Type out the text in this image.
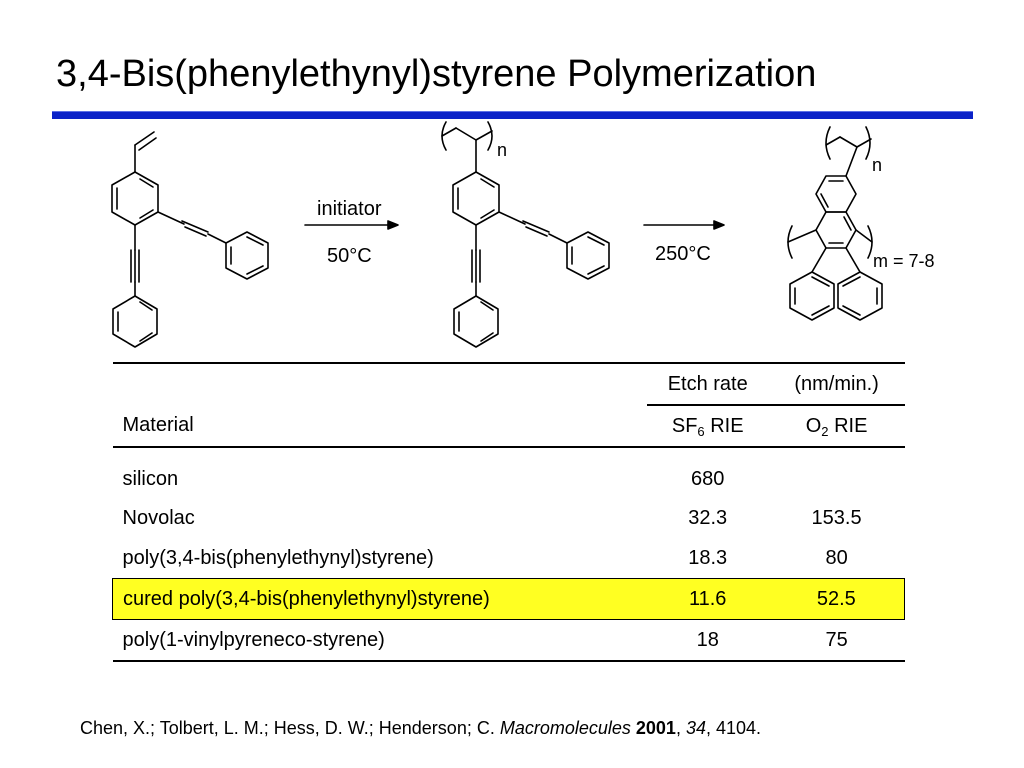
3,4-Bis(phenylethynyl)styrene Polymerization
initiator
50°C	250°C
n
n
m = 7-8
	Etch rate	(nm/min.)
Material	$SF_6$ RIE	$O_2$ RIE

silicon	680	
Novolac	32.3	153.5
poly(3,4-bis(phenylethynyl)styrene)	18.3	80
cured poly(3,4-bis(phenylethynyl)styrene)	11.6	52.5
poly(1-vinylpyreneco-styrene)	18	75
Chen, X.; Tolbert, L. M.; Hess, D. W.; Henderson; C. Macromolecules 2001, 34, 4104.
